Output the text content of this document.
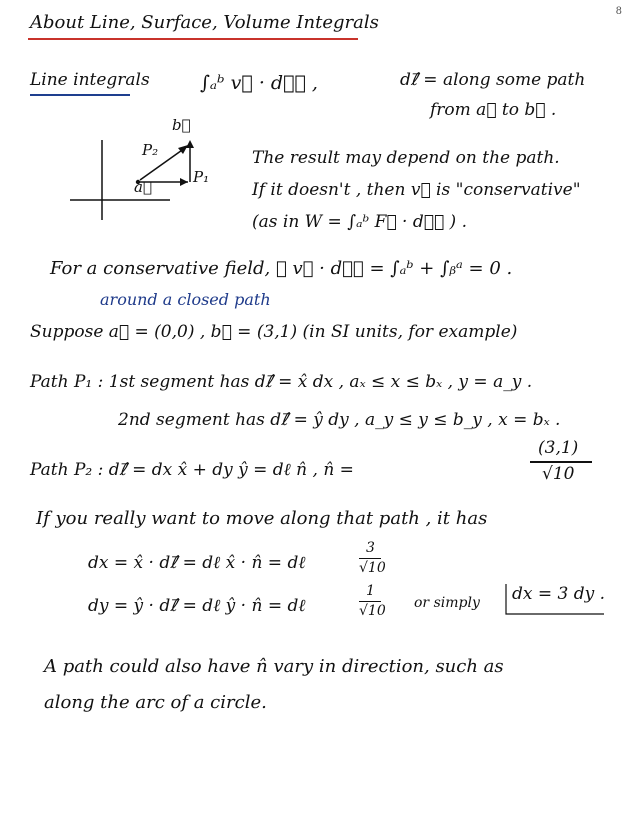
8
About Line, Surface, Volume Integrals
Line integrals	∫ₐᵇ v⃗ · dℓ⃗ ,	dℓ⃗ = along some path
from a⃗ to b⃗ .
b⃗
a⃗
P₁
P₂	The result may depend on the path.
If it doesn't , then v⃗ is "conservative"
(as in W = ∫ₐᵇ F⃗ · dℓ⃗ ) .
For a conservative field, ∮ v⃗ · dℓ⃗ = ∫ₐᵇ + ∫ᵦᵃ = 0 .
around a closed path
Suppose a⃗ = (0,0) , b⃗ = (3,1) (in SI units, for example)
Path P₁ : 1st segment has dℓ⃗ = x̂ dx , aₓ ≤ x ≤ bₓ , y = a_y .
2nd segment has dℓ⃗ = ŷ dy , a_y ≤ y ≤ b_y , x = bₓ .
Path P₂ : dℓ⃗ = dx x̂ + dy ŷ = dℓ n̂ , n̂ =
(3,1)
√10
If you really want to move along that path , it has
dx = x̂ · dℓ⃗ = dℓ x̂ · n̂ = dℓ
3
√10
dy = ŷ · dℓ⃗ = dℓ ŷ · n̂ = dℓ
1
√10 or simply dx = 3 dy .
A path could also have n̂ vary in direction, such as
along the arc of a circle.
